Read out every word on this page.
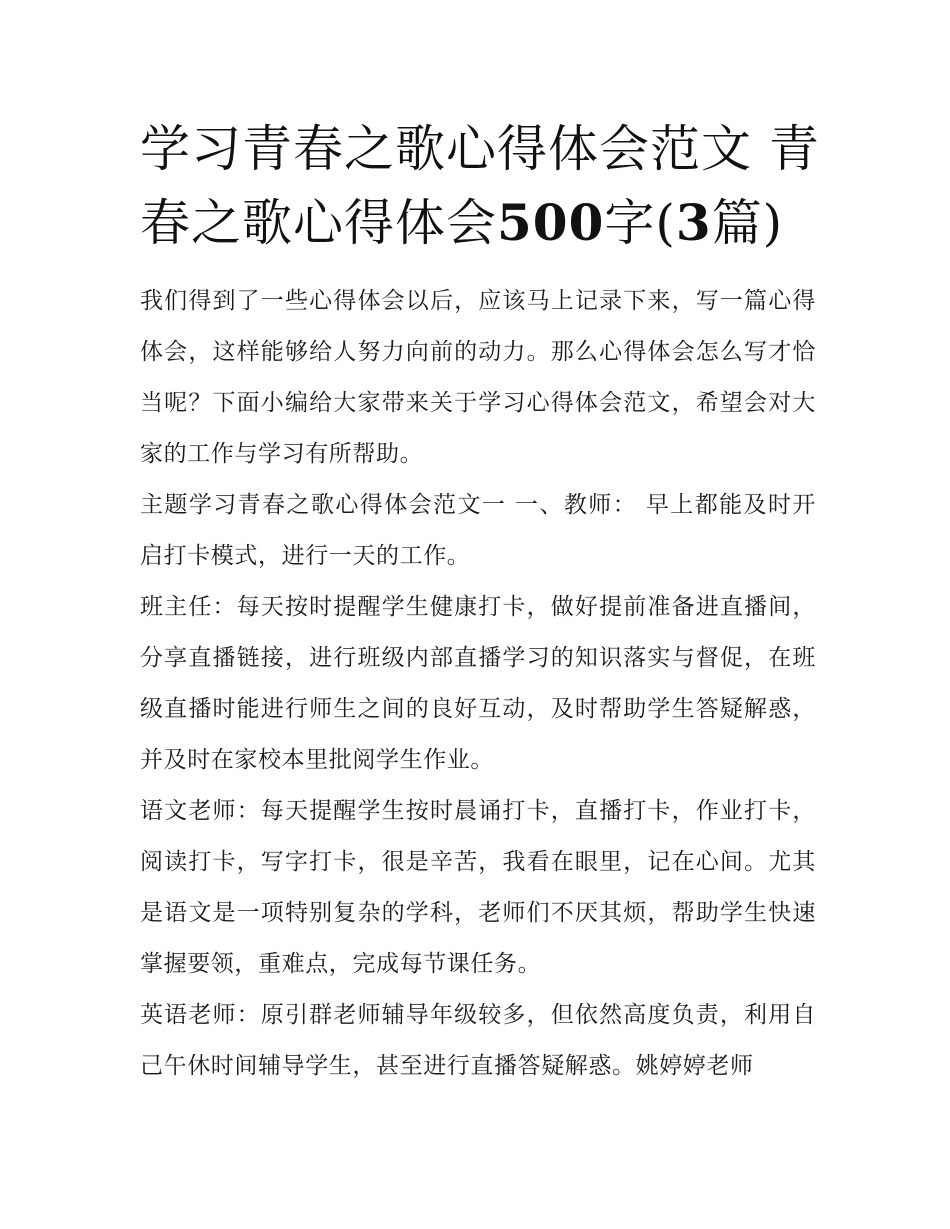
学习青春之歌心得体会范文 青春之歌心得体会500字(3篇)

我们得到了一些心得体会以后，应该马上记录下来，写一篇心得体会，这样能够给人努力向前的动力。那么心得体会怎么写才恰当呢？下面小编给大家带来关于学习心得体会范文，希望会对大家的工作与学习有所帮助。

主题学习青春之歌心得体会范文一 一、教师： 早上都能及时开启打卡模式，进行一天的工作。

班主任：每天按时提醒学生健康打卡，做好提前准备进直播间，分享直播链接，进行班级内部直播学习的知识落实与督促，在班级直播时能进行师生之间的良好互动，及时帮助学生答疑解惑，并及时在家校本里批阅学生作业。

语文老师：每天提醒学生按时晨诵打卡，直播打卡，作业打卡，阅读打卡，写字打卡，很是辛苦，我看在眼里，记在心间。尤其是语文是一项特别复杂的学科，老师们不厌其烦，帮助学生快速掌握要领，重难点，完成每节课任务。

英语老师：原引群老师辅导年级较多，但依然高度负责，利用自己午休时间辅导学生，甚至进行直播答疑解惑。姚婷婷老师
